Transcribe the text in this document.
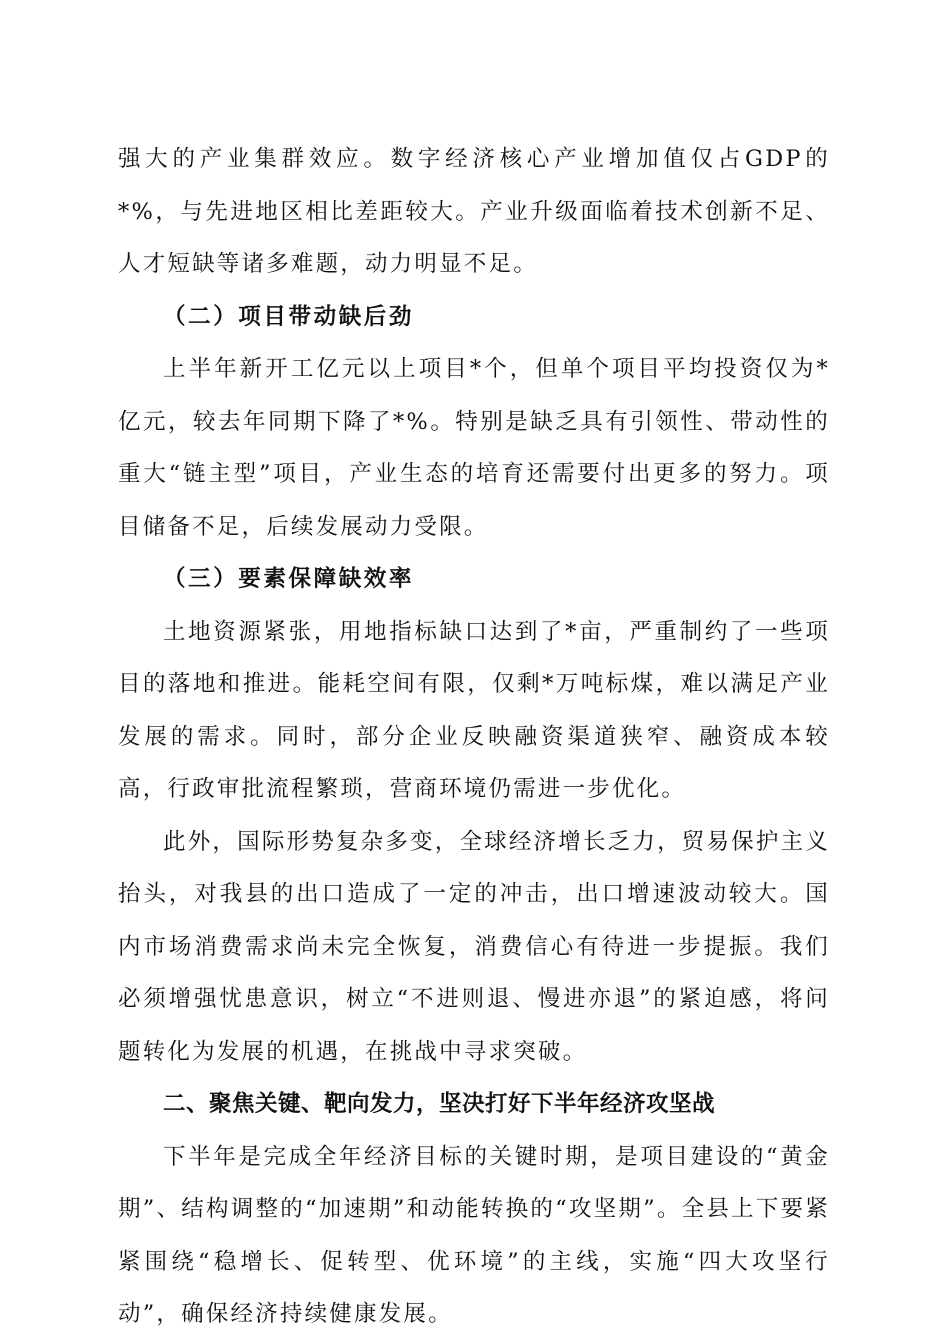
强大的产业集群效应。数字经济核心产业增加值仅占GDP的*%，与先进地区相比差距较大。产业升级面临着技术创新不足、人才短缺等诸多难题，动力明显不足。

（二）项目带动缺后劲

上半年新开工亿元以上项目*个，但单个项目平均投资仅为*亿元，较去年同期下降了*%。特别是缺乏具有引领性、带动性的重大“链主型”项目，产业生态的培育还需要付出更多的努力。项目储备不足，后续发展动力受限。

（三）要素保障缺效率

土地资源紧张，用地指标缺口达到了*亩，严重制约了一些项目的落地和推进。能耗空间有限，仅剩*万吨标煤，难以满足产业发展的需求。同时，部分企业反映融资渠道狭窄、融资成本较高，行政审批流程繁琐，营商环境仍需进一步优化。

此外，国际形势复杂多变，全球经济增长乏力，贸易保护主义抬头，对我县的出口造成了一定的冲击，出口增速波动较大。国内市场消费需求尚未完全恢复，消费信心有待进一步提振。我们必须增强忧患意识，树立“不进则退、慢进亦退”的紧迫感，将问题转化为发展的机遇，在挑战中寻求突破。

二、聚焦关键、靶向发力，坚决打好下半年经济攻坚战

下半年是完成全年经济目标的关键时期，是项目建设的“黄金期”、结构调整的“加速期”和动能转换的“攻坚期”。全县上下要紧紧围绕“稳增长、促转型、优环境”的主线，实施“四大攻坚行动”，确保经济持续健康发展。
